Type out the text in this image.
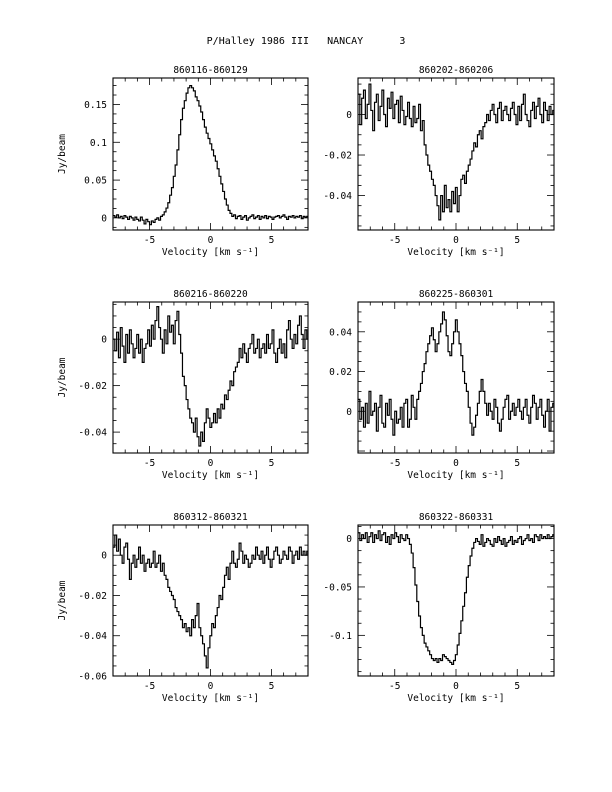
P/Halley 1986 III   NANCAY      3
860116-860129
-5	0	5
0
0.05
0.1
0.15
Velocity [km s⁻¹]
Jy/beam
860202-860206
-5	0	5
0
-0.02
-0.04
Velocity [km s⁻¹]
860216-860220
-5	0	5
0
-0.02
-0.04
Velocity [km s⁻¹]
Jy/beam
860225-860301
-5	0	5
0
0.02
0.04
Velocity [km s⁻¹]
860312-860321
-5	0	5
0
-0.02
-0.04
-0.06
Velocity [km s⁻¹]
Jy/beam
860322-860331
-5	0	5
0
-0.05
-0.1
Velocity [km s⁻¹]
